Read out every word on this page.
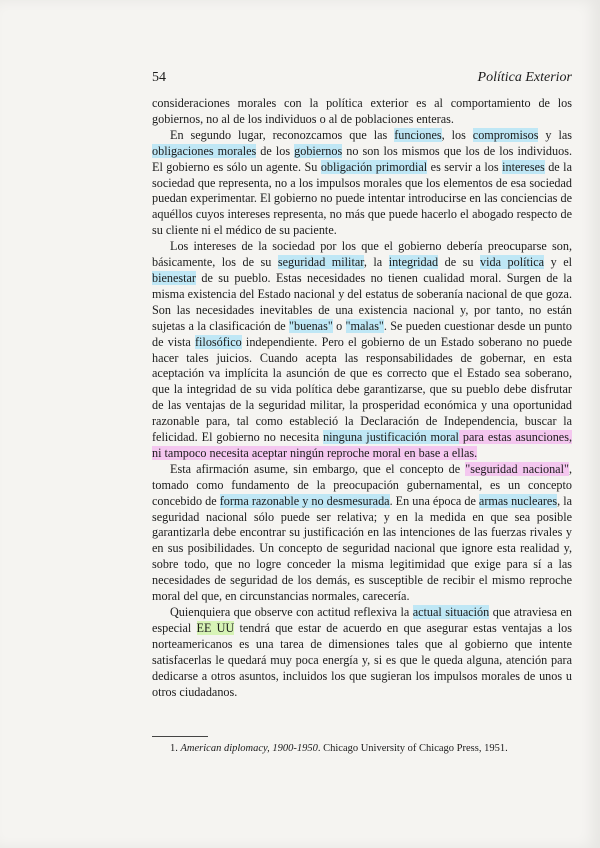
54	Política Exterior

consideraciones morales con la política exterior es al comportamiento de los gobiernos, no al de los individuos o al de poblaciones enteras.

En segundo lugar, reconozcamos que las funciones, los compromisos y las obligaciones morales de los gobiernos no son los mismos que los de los individuos. El gobierno es sólo un agente. Su obligación primordial es servir a los intereses de la sociedad que representa, no a los impulsos morales que los elementos de esa sociedad puedan experimentar. El gobierno no puede intentar introducirse en las conciencias de aquéllos cuyos intereses representa, no más que puede hacerlo el abogado respecto de su cliente ni el médico de su paciente.

Los intereses de la sociedad por los que el gobierno debería preocuparse son, básicamente, los de su seguridad militar, la integridad de su vida política y el bienestar de su pueblo. Estas necesidades no tienen cualidad moral. Surgen de la misma existencia del Estado nacional y del estatus de soberanía nacional de que goza. Son las necesidades inevitables de una existencia nacional y, por tanto, no están sujetas a la clasificación de "buenas" o "malas". Se pueden cuestionar desde un punto de vista filosófico independiente. Pero el gobierno de un Estado soberano no puede hacer tales juicios. Cuando acepta las responsabilidades de gobernar, en esta aceptación va implícita la asunción de que es correcto que el Estado sea soberano, que la integridad de su vida política debe garantizarse, que su pueblo debe disfrutar de las ventajas de la seguridad militar, la prosperidad económica y una oportunidad razonable para, tal como estableció la Declaración de Independencia, buscar la felicidad. El gobierno no necesita ninguna justificación moral para estas asunciones, ni tampoco necesita aceptar ningún reproche moral en base a ellas.

Esta afirmación asume, sin embargo, que el concepto de "seguridad nacional", tomado como fundamento de la preocupación gubernamental, es un concepto concebido de forma razonable y no desmesurada. En una época de armas nucleares, la seguridad nacional sólo puede ser relativa; y en la medida en que sea posible garantizarla debe encontrar su justificación en las intenciones de las fuerzas rivales y en sus posibilidades. Un concepto de seguridad nacional que ignore esta realidad y, sobre todo, que no logre conceder la misma legitimidad que exige para sí a las necesidades de seguridad de los demás, es susceptible de recibir el mismo reproche moral del que, en circunstancias normales, carecería.

Quienquiera que observe con actitud reflexiva la actual situación que atraviesa en especial EE UU tendrá que estar de acuerdo en que asegurar estas ventajas a los norteamericanos es una tarea de dimensiones tales que al gobierno que intente satisfacerlas le quedará muy poca energía y, si es que le queda alguna, atención para dedicarse a otros asuntos, incluidos los que sugieran los impulsos morales de unos u otros ciudadanos.

1. American diplomacy, 1900-1950. Chicago University of Chicago Press, 1951.
